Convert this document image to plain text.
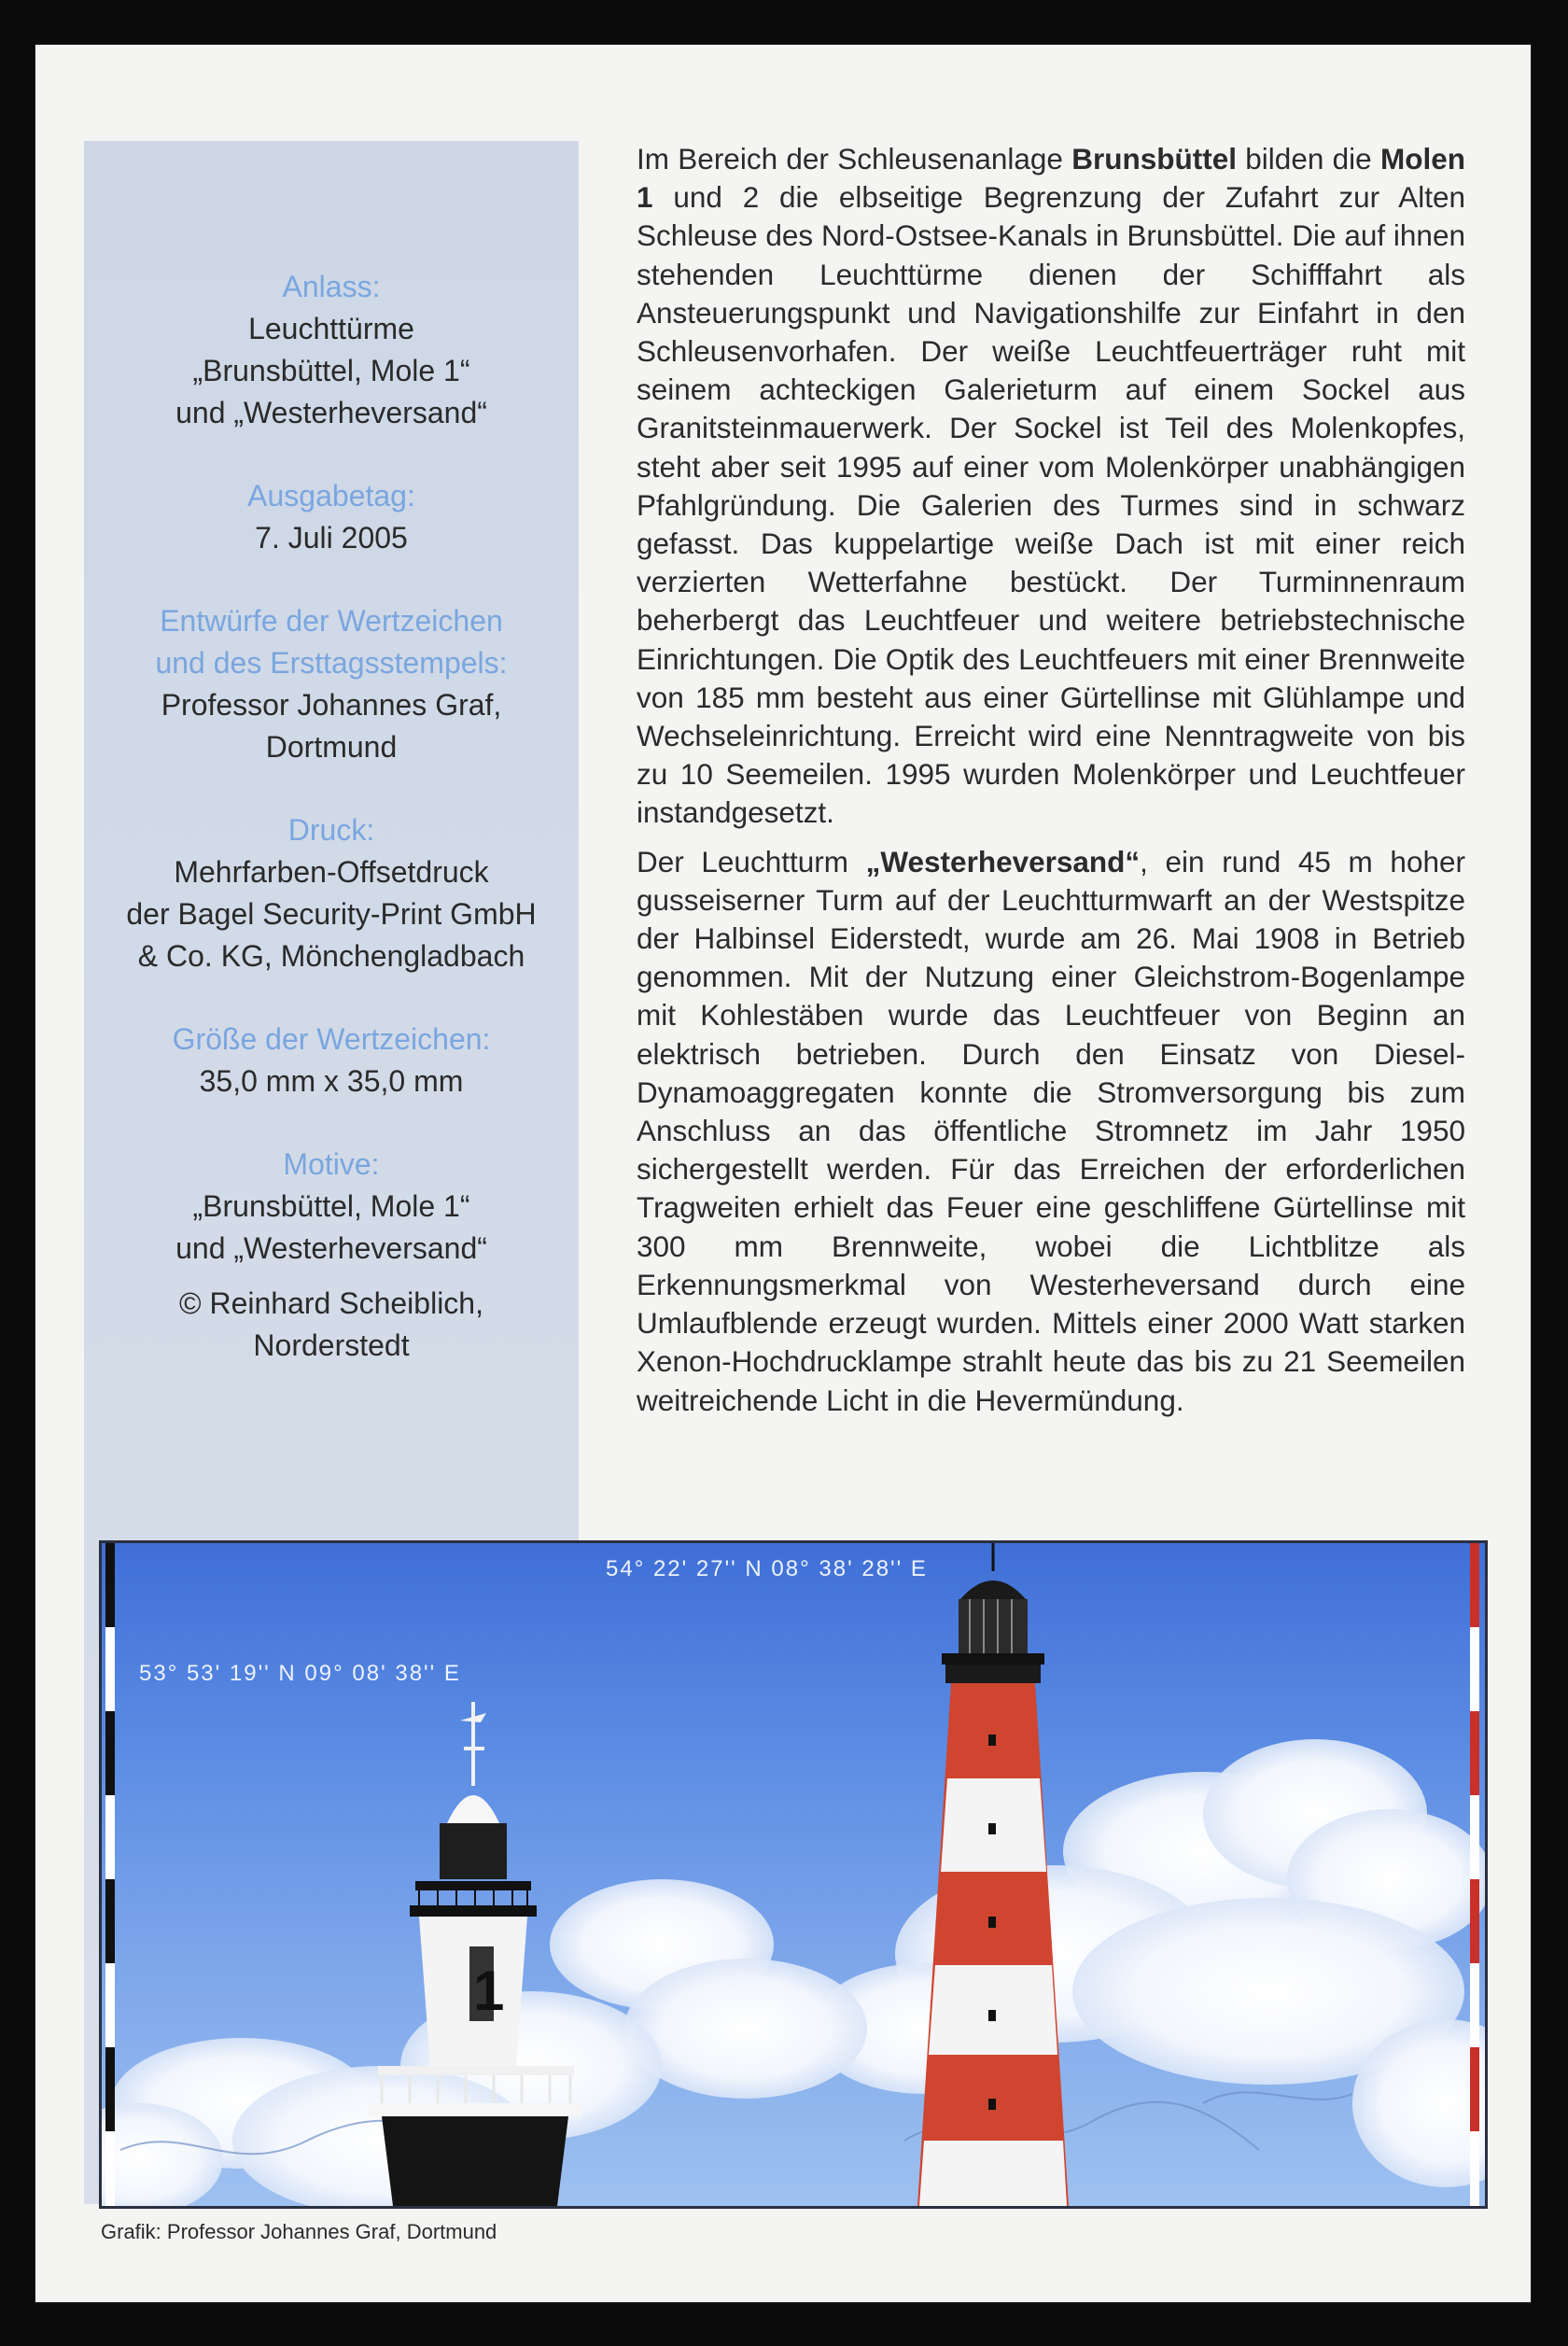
Anlass:
Leuchttürme
„Brunsbüttel, Mole 1“
und „Westerheversand“
Ausgabetag:
7. Juli 2005
Entwürfe der Wertzeichen
und des Ersttagsstempels:
Professor Johannes Graf,
Dortmund
Druck:
Mehrfarben-Offsetdruck
der Bagel Security-Print GmbH
& Co. KG, Mönchengladbach
Größe der Wertzeichen:
35,0 mm x 35,0 mm
Motive:
„Brunsbüttel, Mole 1“
und „Westerheversand“
© Reinhard Scheiblich,
Norderstedt

Im Bereich der Schleusenanlage Brunsbüttel bilden die Molen 1 und 2 die elbseitige Begrenzung der Zufahrt zur Alten Schleuse des Nord-Ostsee-Kanals in Brunsbüttel. Die auf ihnen stehenden Leuchttürme dienen der Schifffahrt als Ansteuerungspunkt und Navigationshilfe zur Einfahrt in den Schleusenvorhafen. Der weiße Leuchtfeuerträger ruht mit seinem achteckigen Galerieturm auf einem Sockel aus Granitsteinmauerwerk. Der Sockel ist Teil des Molenkopfes, steht aber seit 1995 auf einer vom Molenkörper unabhängigen Pfahlgründung. Die Galerien des Turmes sind in schwarz gefasst. Das kuppelartige weiße Dach ist mit einer reich verzierten Wetterfahne bestückt. Der Turminnenraum beherbergt das Leuchtfeuer und weitere betriebstechnische Einrichtungen. Die Optik des Leuchtfeuers mit einer Brennweite von 185 mm besteht aus einer Gürtellinse mit Glühlampe und Wechseleinrichtung. Erreicht wird eine Nenntragweite von bis zu 10 Seemeilen. 1995 wurden Molenkörper und Leuchtfeuer instandgesetzt.

Der Leuchtturm „Westerheversand“, ein rund 45 m hoher gusseiserner Turm auf der Leuchtturmwarft an der Westspitze der Halbinsel Eiderstedt, wurde am 26. Mai 1908 in Betrieb genommen. Mit der Nutzung einer Gleichstrom-Bogenlampe mit Kohlestäben wurde das Leuchtfeuer von Beginn an elektrisch betrieben. Durch den Einsatz von Diesel-Dynamoaggregaten konnte die Stromversorgung bis zum Anschluss an das öffentliche Stromnetz im Jahr 1950 sichergestellt werden. Für das Erreichen der erforderlichen Tragweiten erhielt das Feuer eine geschliffene Gürtellinse mit 300 mm Brennweite, wobei die Lichtblitze als Erkennungsmerkmal von Westerheversand durch eine Umlaufblende erzeugt wurden. Mittels einer 2000 Watt starken Xenon-Hochdrucklampe strahlt heute das bis zu 21 Seemeilen weitreichende Licht in die Hevermündung.

1
53° 53' 19'' N 09° 08' 38'' E
54° 22' 27'' N 08° 38' 28'' E
Grafik: Professor Johannes Graf, Dortmund
